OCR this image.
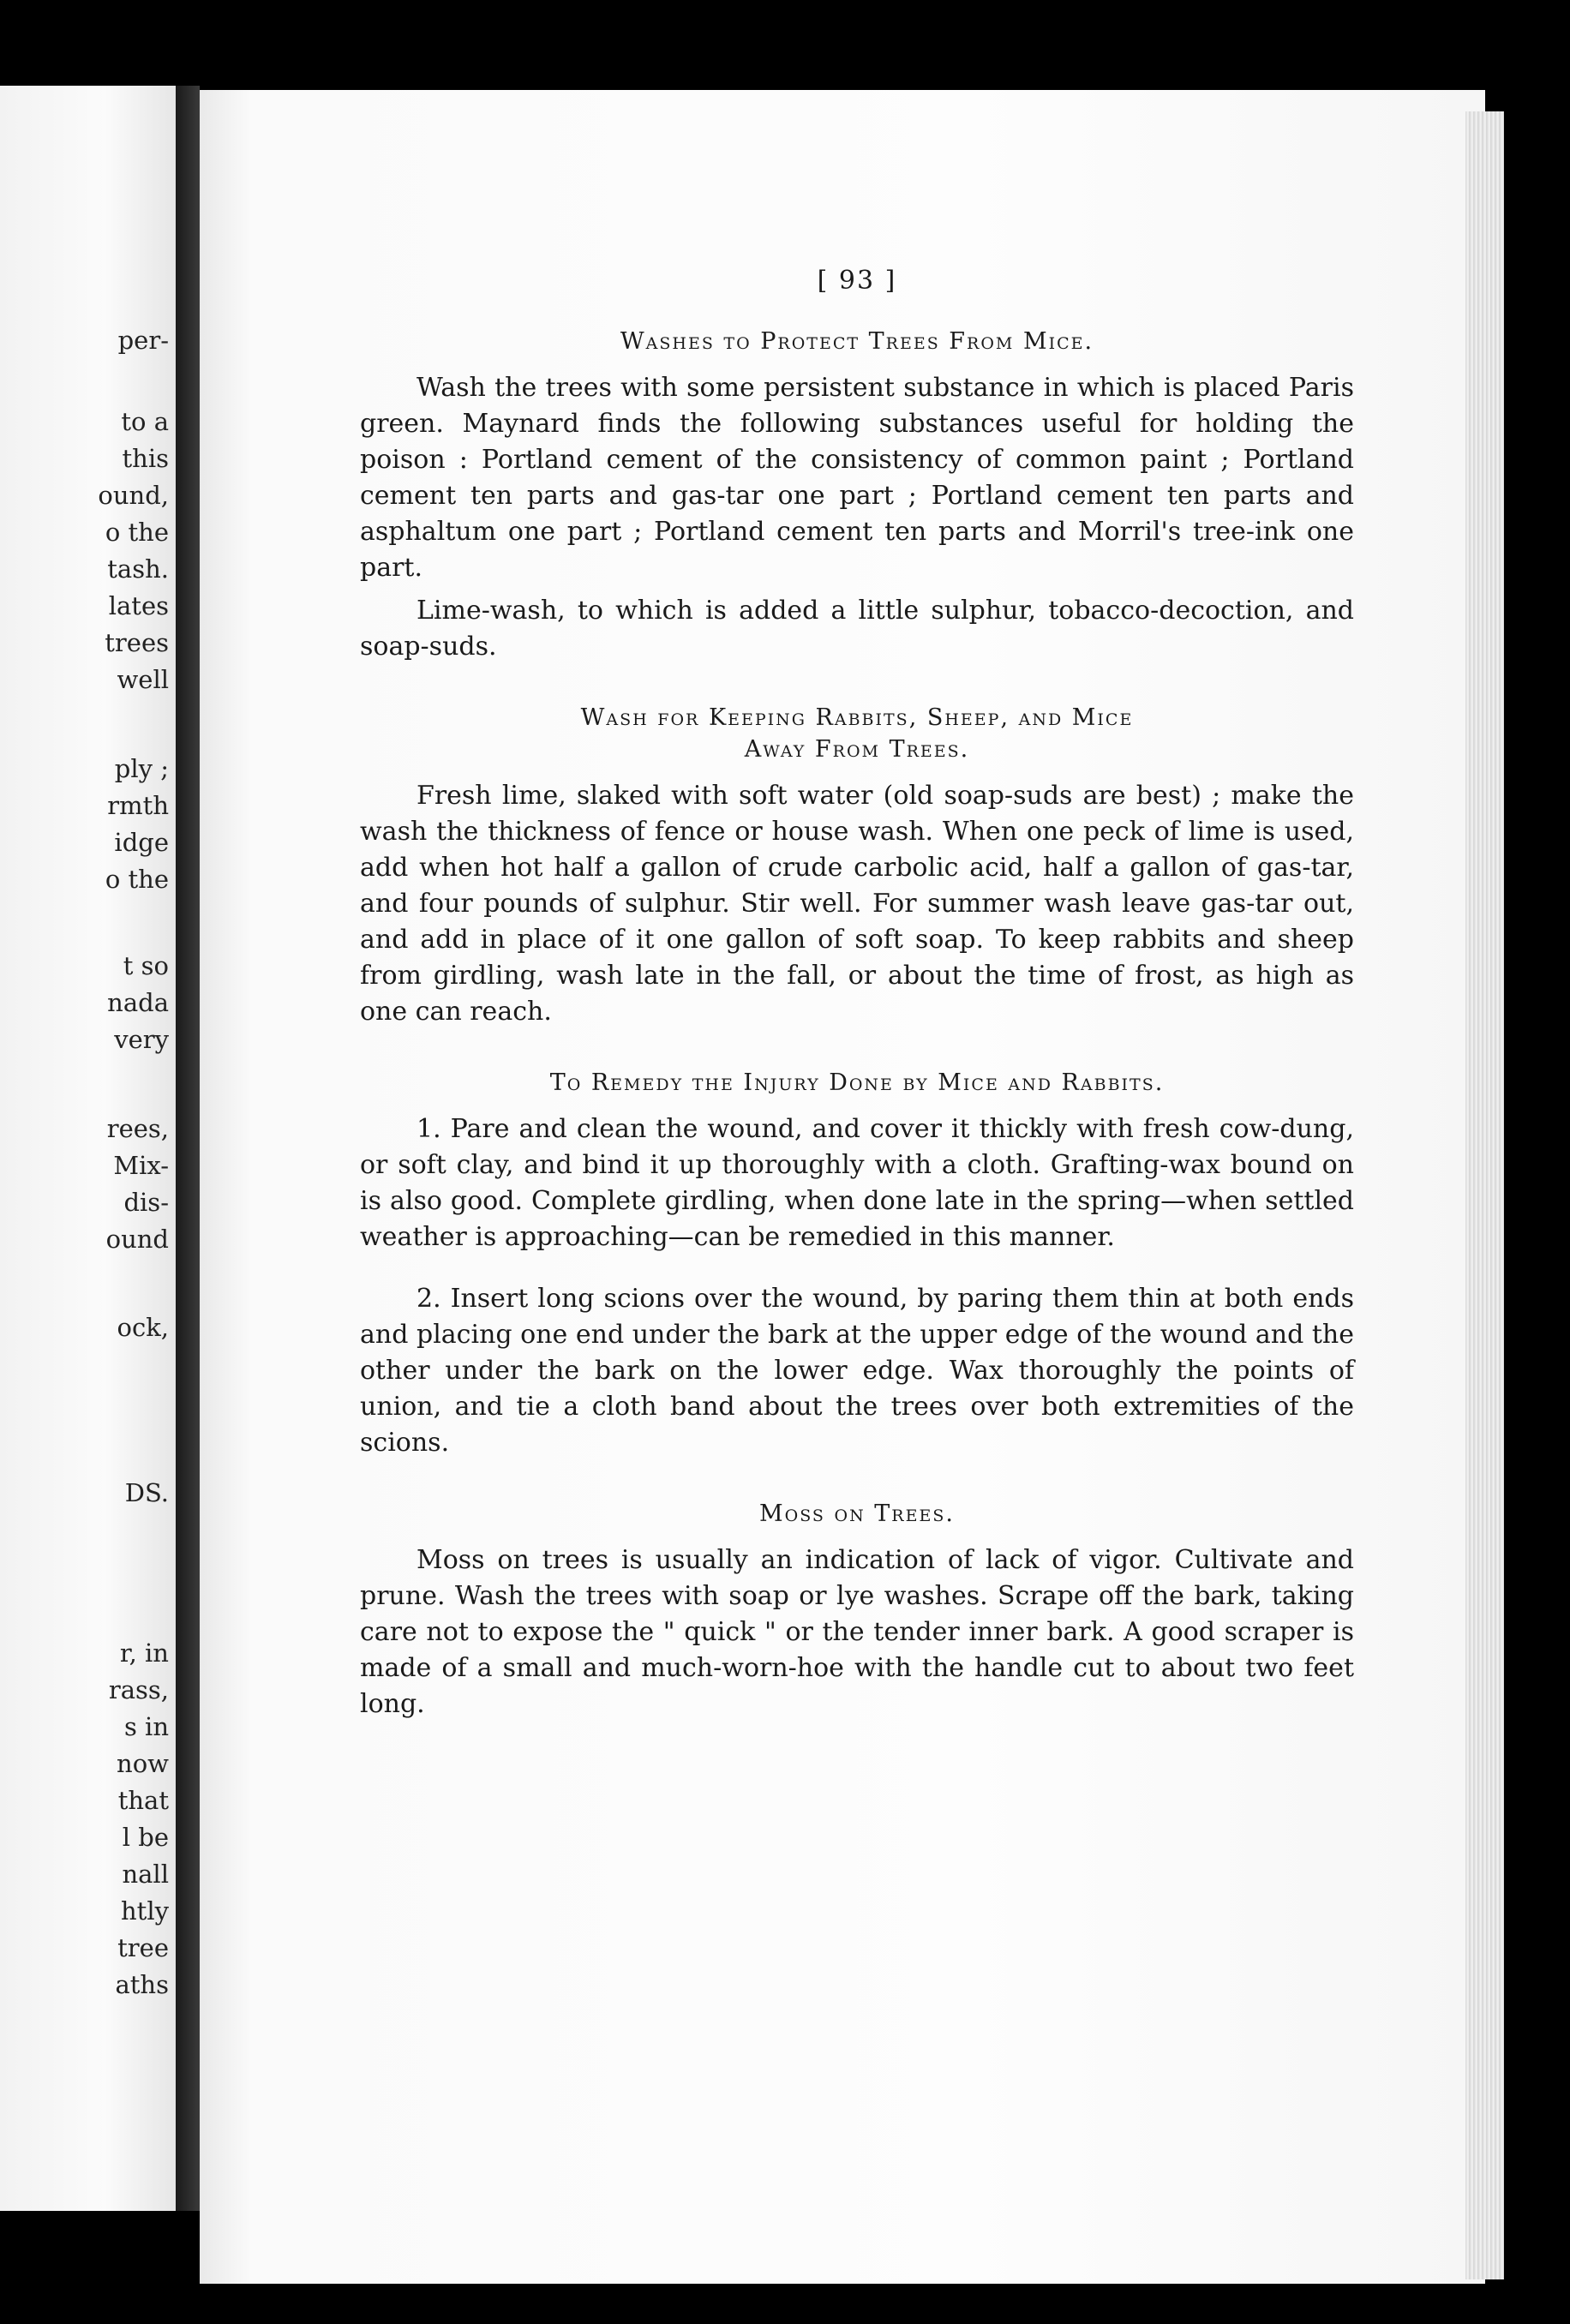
per-
to a
this
ound,
o the
tash.
lates
trees
well
ply ;
rmth
idge
o the
t so
nada
very
rees,
Mix-
dis-
ound
ock,
DS.
r, in
rass,
s in
now
that
l be
nall
htly
tree
aths
[ 93 ]
Washes to Protect Trees From Mice.

Wash the trees with some persistent substance in which is placed Paris green. Maynard finds the following substances useful for holding the poison : Portland cement of the consistency of common paint ; Portland cement ten parts and gas-tar one part ; Portland cement ten parts and asphaltum one part ; Portland cement ten parts and Morril's tree-ink one part.

Lime-wash, to which is added a little sulphur, tobacco-decoction, and soap-suds.

Wash for Keeping Rabbits, Sheep, and Mice
Away From Trees.

Fresh lime, slaked with soft water (old soap-suds are best) ; make the wash the thickness of fence or house wash. When one peck of lime is used, add when hot half a gallon of crude carbolic acid, half a gallon of gas-tar, and four pounds of sulphur. Stir well. For summer wash leave gas-tar out, and add in place of it one gallon of soft soap. To keep rabbits and sheep from girdling, wash late in the fall, or about the time of frost, as high as one can reach.

To Remedy the Injury Done by Mice and Rabbits.

1. Pare and clean the wound, and cover it thickly with fresh cow-dung, or soft clay, and bind it up thoroughly with a cloth. Grafting-wax bound on is also good. Complete girdling, when done late in the spring—when settled weather is approaching—can be remedied in this manner.

2. Insert long scions over the wound, by paring them thin at both ends and placing one end under the bark at the upper edge of the wound and the other under the bark on the lower edge. Wax thoroughly the points of union, and tie a cloth band about the trees over both extremities of the scions.

Moss on Trees.

Moss on trees is usually an indication of lack of vigor. Cultivate and prune. Wash the trees with soap or lye washes. Scrape off the bark, taking care not to expose the " quick " or the tender inner bark. A good scraper is made of a small and much-worn-hoe with the handle cut to about two feet long.
